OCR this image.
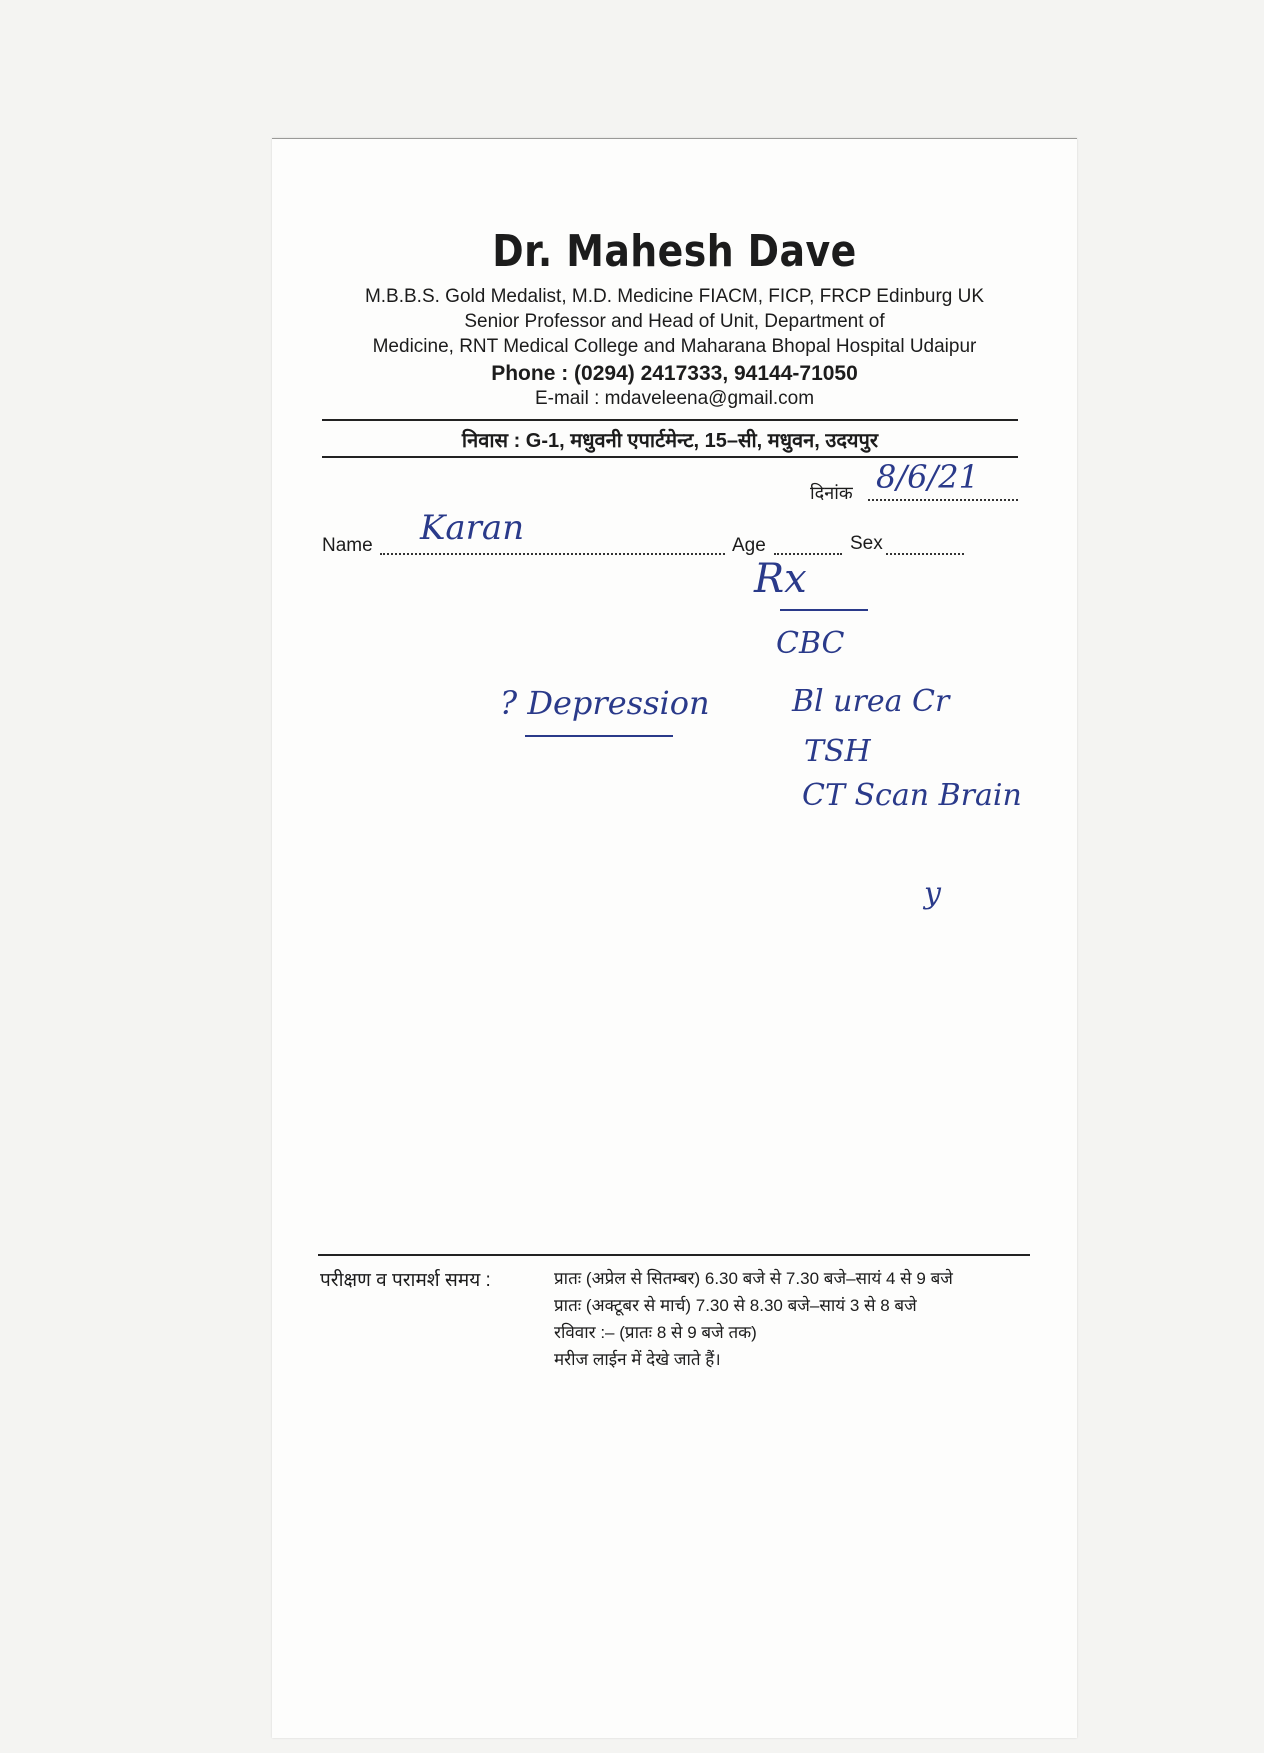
Dr. Mahesh Dave
M.B.B.S. Gold Medalist, M.D. Medicine FIACM, FICP, FRCP Edinburg UK
Senior Professor and Head of Unit, Department of
Medicine, RNT Medical College and Maharana Bhopal Hospital Udaipur
Phone : (0294) 2417333, 94144-71050
E-mail : mdaveleena@gmail.com
निवास : G-1, मधुवनी एपार्टमेन्ट, 15–सी, मधुवन, उदयपुर
दिनांक 8/6/21
Name Karan	Age	Sex
Rx
CBC
Bl urea Cr
TSH
CT Scan Brain
? Depression
y
परीक्षण व परामर्श समय :	प्रातः (अप्रेल से सितम्बर) 6.30 बजे से 7.30 बजे–सायं 4 से 9 बजे
प्रातः (अक्टूबर से मार्च) 7.30 से 8.30 बजे–सायं 3 से 8 बजे
रविवार :– (प्रातः 8 से 9 बजे तक)
मरीज लाईन में देखे जाते हैं।
